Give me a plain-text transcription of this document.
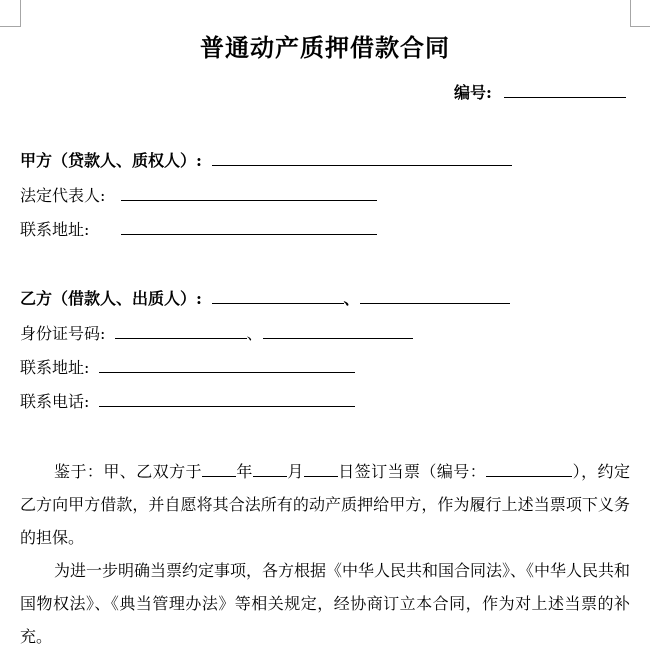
普通动产质押借款合同
编号:
甲方（贷款人、质权人）:
法定代表人:
联系地址:
乙方（借款人、出质人）:	、
身份证号码:	、
联系地址:
联系电话:
鉴于：甲、乙双方于 年 月 日签订当票（编号：	），约定乙方向甲方借款，并自愿将其合法所有的动产质押给甲方，作为履行上述当票项下义务的担保。
为进一步明确当票约定事项，各方根据《中华人民共和国合同法》、《中华人民共和国物权法》、《典当管理办法》等相关规定，经协商订立本合同，作为对上述当票的补充。
